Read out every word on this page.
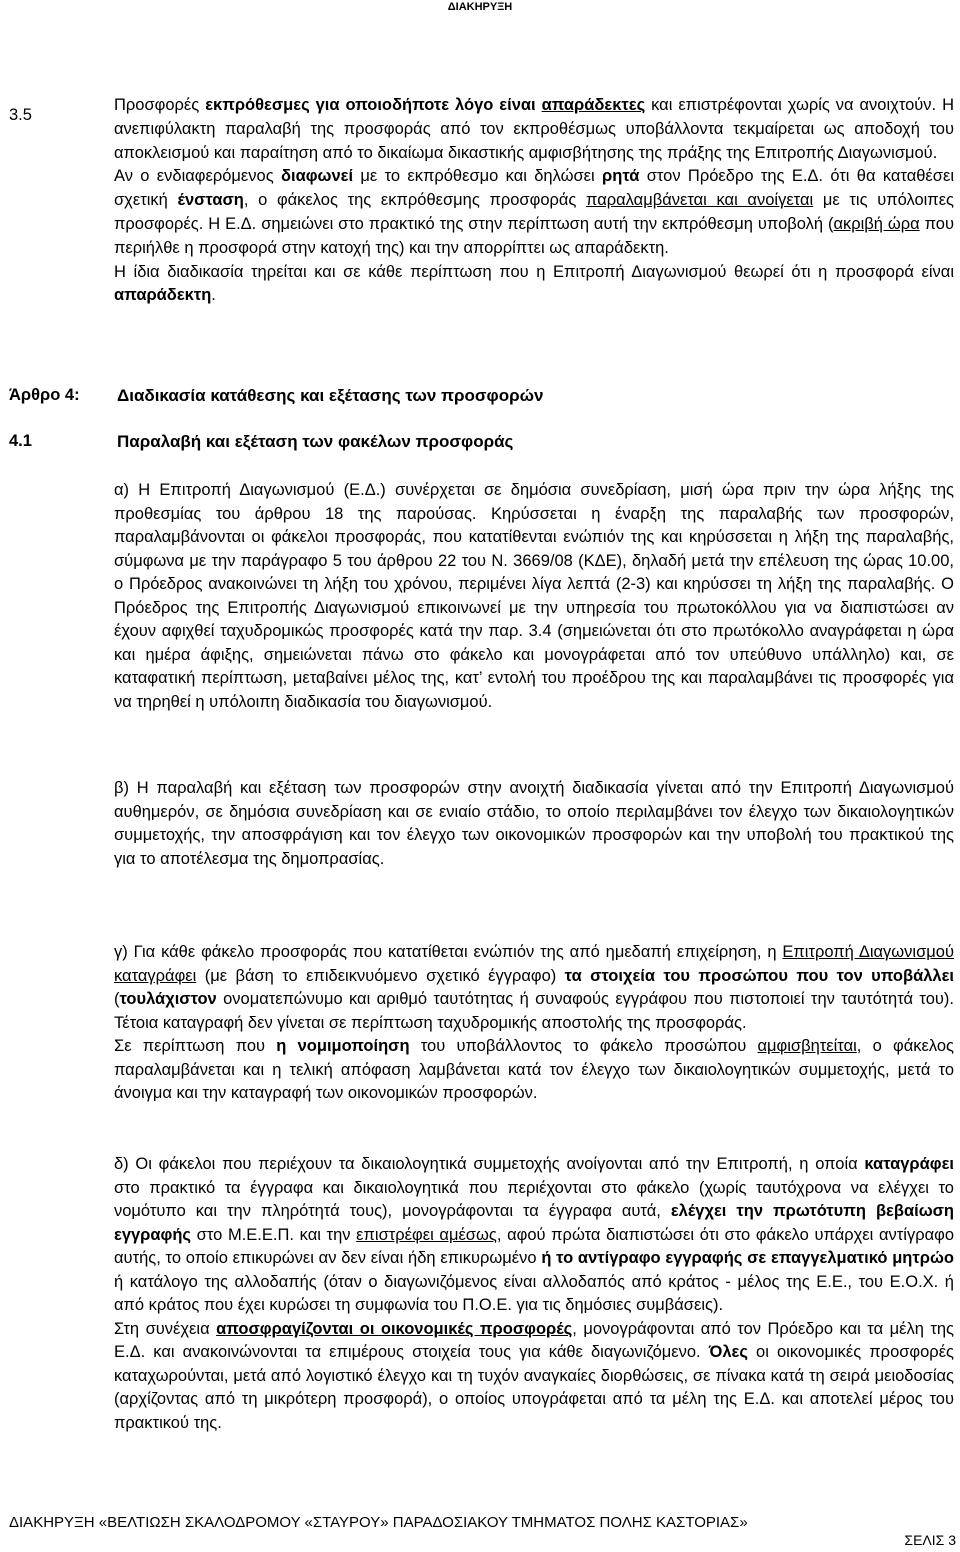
ΔΙΑΚΗΡΥΞΗ
3.5

Προσφορές εκπρόθεσμες για οποιοδήποτε λόγο είναι απαράδεκτες και επιστρέφονται χωρίς να ανοιχτούν. Η ανεπιφύλακτη παραλαβή της προσφοράς από τον εκπροθέσμως υποβάλλοντα τεκμαίρεται ως αποδοχή του αποκλεισμού και παραίτηση από το δικαίωμα δικαστικής αμφισβήτησης της πράξης της Επιτροπής Διαγωνισμού.

Αν ο ενδιαφερόμενος διαφωνεί με το εκπρόθεσμο και δηλώσει ρητά στον Πρόεδρο της Ε.Δ. ότι θα καταθέσει σχετική ένσταση, ο φάκελος της εκπρόθεσμης προσφοράς παραλαμβάνεται και ανοίγεται με τις υπόλοιπες προσφορές. Η Ε.Δ. σημειώνει στο πρακτικό της στην περίπτωση αυτή την εκπρόθεσμη υποβολή (ακριβή ώρα που περιήλθε η προσφορά στην κατοχή της) και την απορρίπτει ως απαράδεκτη.

Η ίδια διαδικασία τηρείται και σε κάθε περίπτωση που η Επιτροπή Διαγωνισμού θεωρεί ότι η προσφορά είναι απαράδεκτη.

Άρθρο 4: Διαδικασία κατάθεσης και εξέτασης των προσφορών
4.1	Παραλαβή και εξέταση των φακέλων προσφοράς

α) Η Επιτροπή Διαγωνισμού (Ε.Δ.) συνέρχεται σε δημόσια συνεδρίαση, μισή ώρα πριν την ώρα λήξης της προθεσμίας του άρθρου 18 της παρούσας. Κηρύσσεται η έναρξη της παραλαβής των προσφορών, παραλαμβάνονται οι φάκελοι προσφοράς, που κατατίθενται ενώπιόν της και κηρύσσεται η λήξη της παραλαβής, σύμφωνα με την παράγραφο 5 του άρθρου 22 του Ν. 3669/08 (ΚΔΕ), δηλαδή μετά την επέλευση της ώρας 10.00, ο Πρόεδρος ανακοινώνει τη λήξη του χρόνου, περιμένει λίγα λεπτά (2-3) και κηρύσσει τη λήξη της παραλαβής. Ο Πρόεδρος της Επιτροπής Διαγωνισμού επικοινωνεί με την υπηρεσία του πρωτοκόλλου για να διαπιστώσει αν έχουν αφιχθεί ταχυδρομικώς προσφορές κατά την παρ. 3.4 (σημειώνεται ότι στο πρωτόκολλο αναγράφεται η ώρα και ημέρα άφιξης, σημειώνεται πάνω στο φάκελο και μονογράφεται από τον υπεύθυνο υπάλληλο) και, σε καταφατική περίπτωση, μεταβαίνει μέλος της, κατ’ εντολή του προέδρου της και παραλαμβάνει τις προσφορές για να τηρηθεί η υπόλοιπη διαδικασία του διαγωνισμού.

β) Η παραλαβή και εξέταση των προσφορών στην ανοιχτή διαδικασία γίνεται από την Επιτροπή Διαγωνισμού αυθημερόν, σε δημόσια συνεδρίαση και σε ενιαίο στάδιο, το οποίο περιλαμβάνει τον έλεγχο των δικαιολογητικών συμμετοχής, την αποσφράγιση και τον έλεγχο των οικονομικών προσφορών και την υποβολή του πρακτικού της για το αποτέλεσμα της δημοπρασίας.

γ) Για κάθε φάκελο προσφοράς που κατατίθεται ενώπιόν της από ημεδαπή επιχείρηση, η Επιτροπή Διαγωνισμού καταγράφει (με βάση το επιδεικνυόμενο σχετικό έγγραφο) τα στοιχεία του προσώπου που τον υποβάλλει (τουλάχιστον ονοματεπώνυμο και αριθμό ταυτότητας ή συναφούς εγγράφου που πιστοποιεί την ταυτότητά του). Τέτοια καταγραφή δεν γίνεται σε περίπτωση ταχυδρομικής αποστολής της προσφοράς.

Σε περίπτωση που η νομιμοποίηση του υποβάλλοντος το φάκελο προσώπου αμφισβητείται, ο φάκελος παραλαμβάνεται και η τελική απόφαση λαμβάνεται κατά τον έλεγχο των δικαιολογητικών συμμετοχής, μετά το άνοιγμα και την καταγραφή των οικονομικών προσφορών.

δ) Οι φάκελοι που περιέχουν τα δικαιολογητικά συμμετοχής ανοίγονται από την Επιτροπή, η οποία καταγράφει στο πρακτικό τα έγγραφα και δικαιολογητικά που περιέχονται στο φάκελο (χωρίς ταυτόχρονα να ελέγχει το νομότυπο και την πληρότητά τους), μονογράφονται τα έγγραφα αυτά, ελέγχει την πρωτότυπη βεβαίωση εγγραφής στο Μ.Ε.Ε.Π. και την επιστρέφει αμέσως, αφού πρώτα διαπιστώσει ότι στο φάκελο υπάρχει αντίγραφο αυτής, το οποίο επικυρώνει αν δεν είναι ήδη επικυρωμένο ή το αντίγραφο εγγραφής σε επαγγελματικό μητρώο ή κατάλογο της αλλοδαπής (όταν ο διαγωνιζόμενος είναι αλλοδαπός από κράτος - μέλος της Ε.Ε., του Ε.Ο.Χ. ή από κράτος που έχει κυρώσει τη συμφωνία του Π.Ο.Ε. για τις δημόσιες συμβάσεις).

Στη συνέχεια αποσφραγίζονται οι οικονομικές προσφορές, μονογράφονται από τον Πρόεδρο και τα μέλη της Ε.Δ. και ανακοινώνονται τα επιμέρους στοιχεία τους για κάθε διαγωνιζόμενο. Όλες οι οικονομικές προσφορές καταχωρούνται, μετά από λογιστικό έλεγχο και τη τυχόν αναγκαίες διορθώσεις, σε πίνακα κατά τη σειρά μειοδοσίας (αρχίζοντας από τη μικρότερη προσφορά), ο οποίος υπογράφεται από τα μέλη της Ε.Δ. και αποτελεί μέρος του πρακτικού της.

ΔΙΑΚΗΡΥΞΗ «ΒΕΛΤΙΩΣΗ ΣΚΑΛΟΔΡΟΜΟΥ «ΣΤΑΥΡΟΥ» ΠΑΡΑΔΟΣΙΑΚΟΥ ΤΜΗΜΑΤΟΣ ΠΟΛΗΣ ΚΑΣΤΟΡΙΑΣ»
ΣΕΛΙΣ 3
